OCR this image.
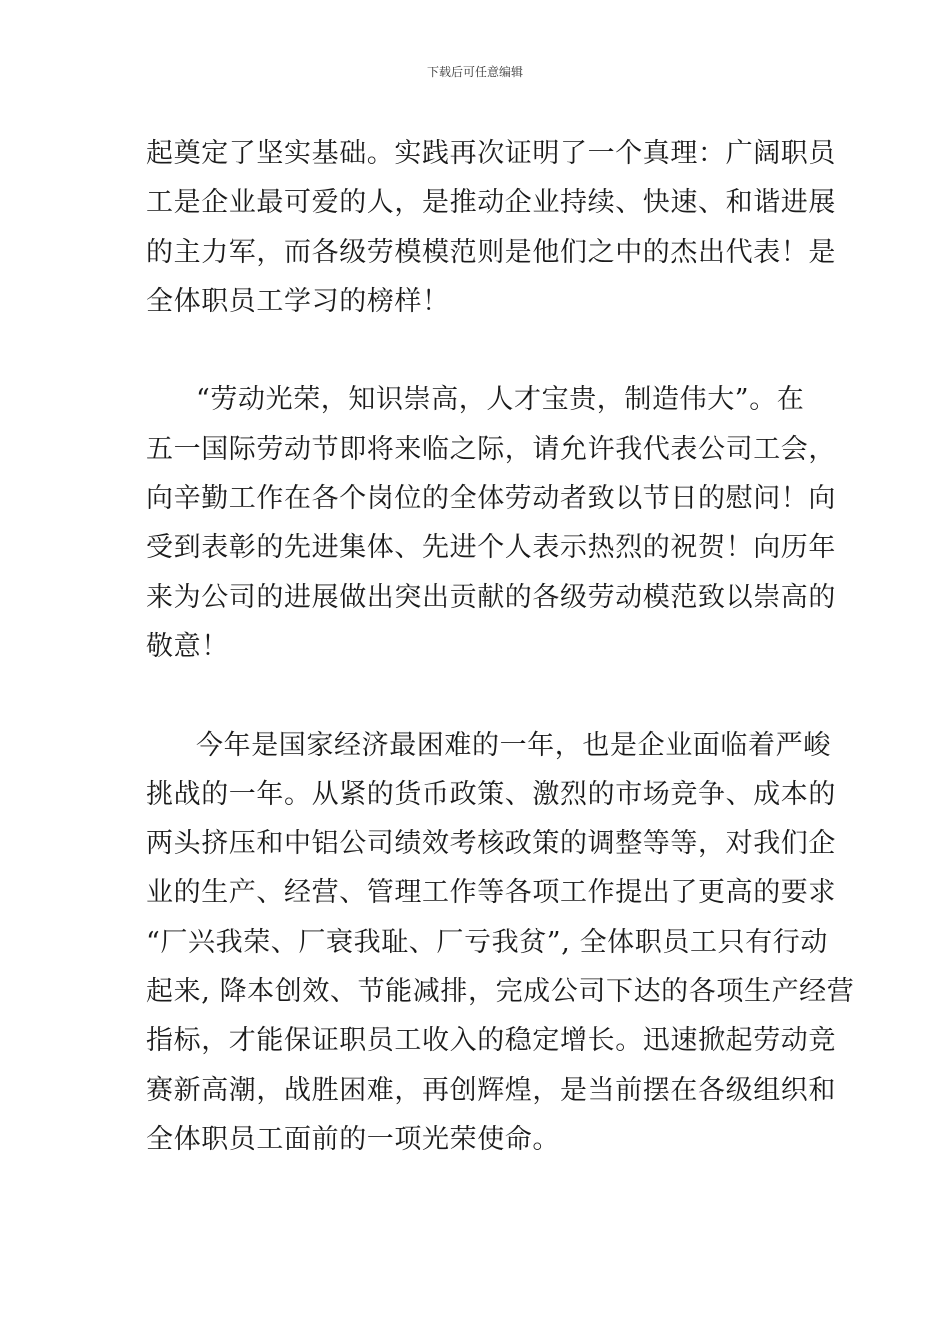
下载后可任意编辑
起奠定了坚实基础。实践再次证明了一个真理：广阔职员
工是企业最可爱的人，是推动企业持续、快速、和谐进展
的主力军，而各级劳模模范则是他们之中的杰出代表！是
全体职员工学习的榜样！
“劳动光荣，知识崇高，人才宝贵，制造伟大”。在
五一国际劳动节即将来临之际，请允许我代表公司工会，
向辛勤工作在各个岗位的全体劳动者致以节日的慰问！向
受到表彰的先进集体、先进个人表示热烈的祝贺！向历年
来为公司的进展做出突出贡献的各级劳动模范致以崇高的
敬意！
今年是国家经济最困难的一年，也是企业面临着严峻
挑战的一年。从紧的货币政策、激烈的市场竞争、成本的
两头挤压和中铝公司绩效考核政策的调整等等，对我们企
业的生产、经营、管理工作等各项工作提出了更高的要求
“厂兴我荣、厂衰我耻、厂亏我贫”, 全体职员工只有行动
起来, 降本创效、节能减排，完成公司下达的各项生产经营
指标，才能保证职员工收入的稳定增长。迅速掀起劳动竞
赛新高潮，战胜困难，再创辉煌，是当前摆在各级组织和
全体职员工面前的一项光荣使命。
